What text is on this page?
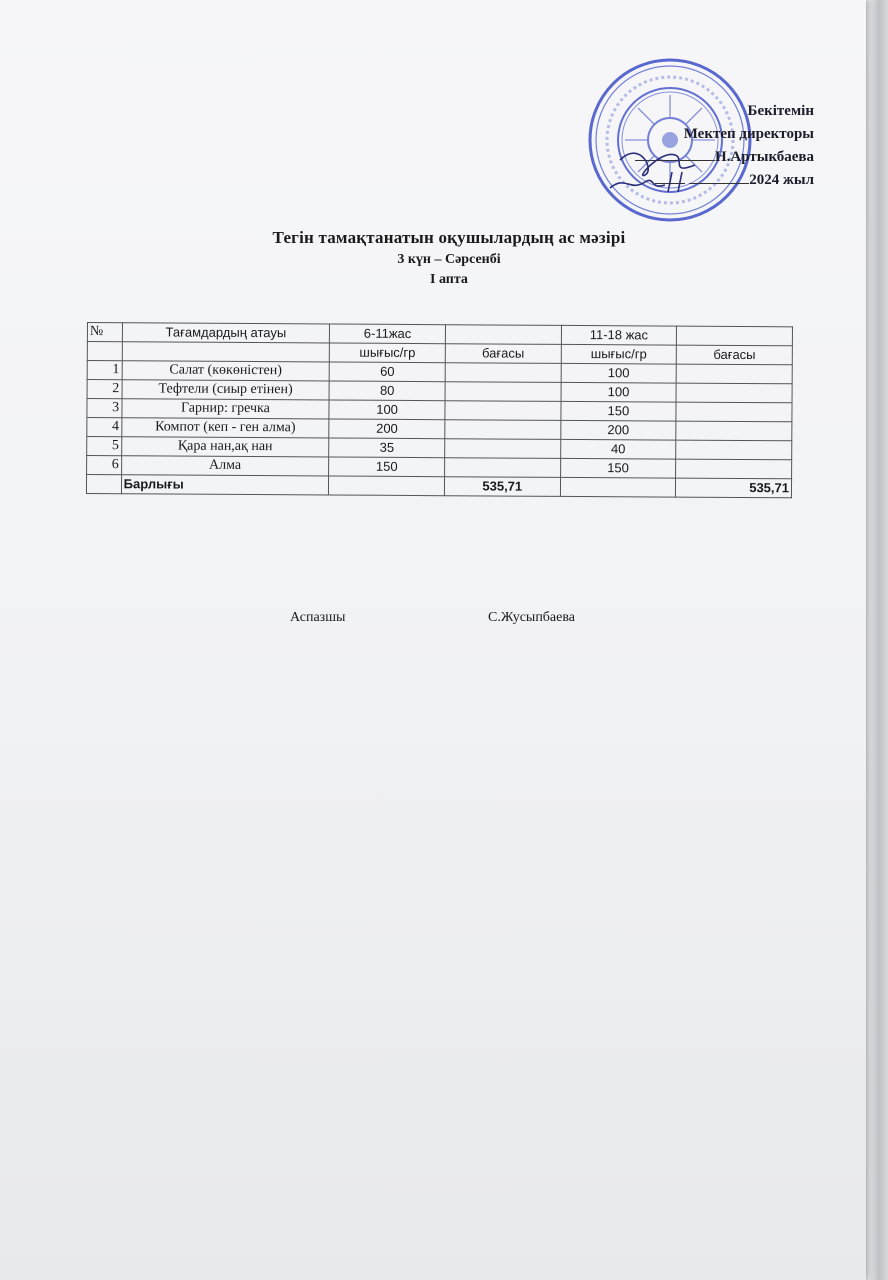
Бекітемін
Мектеп директоры
Н.Артыкбаева
2024 жыл
Тегін тамақтанатын оқушылардың ас мәзірі
3 күн – Сәрсенбі
I апта
№	Тағамдардың атауы	6-11жас		11-18 жас	
		шығыс/гр	бағасы	шығыс/гр	бағасы
1	Салат (көкөністен)	60		100	
2	Тефтели (сиыр етінен)	80		100	
3	Гарнир: гречка	100		150	
4	Компот (кеп - ген алма)	200		200	
5	Қара нан,ақ нан	35		40	
6	Алма	150		150	
	Барлығы		535,71		535,71
Аспазшы	С.Жусыпбаева
